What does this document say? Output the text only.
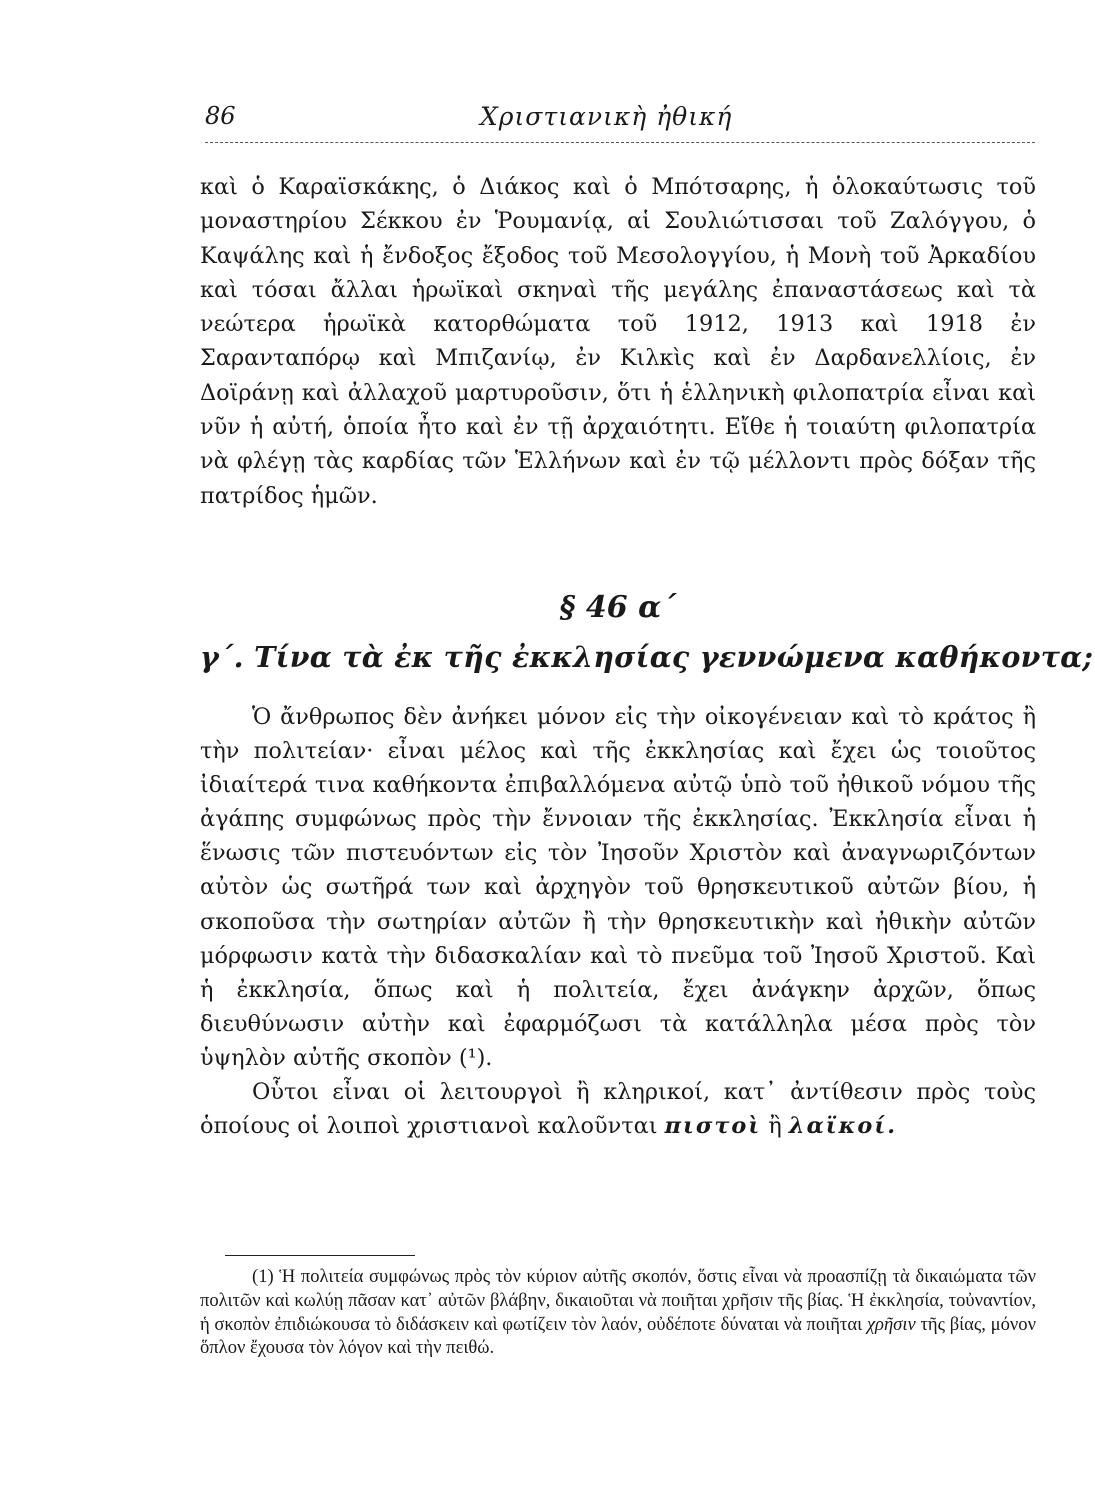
86	Χριστιανικὴ ἠθική

καὶ ὁ Καραϊσκάκης, ὁ Διάκος καὶ ὁ Μπότσαρης, ἡ ὁλοκαύτωσις τοῦ μοναστηρίου Σέκκου ἐν Ῥουμανίᾳ, αἱ Σουλιώτισσαι τοῦ Ζαλόγγου, ὁ Καψάλης καὶ ἡ ἔνδοξος ἔξοδος τοῦ Μεσολογγίου, ἡ Μονὴ τοῦ Ἀρκαδίου καὶ τόσαι ἄλλαι ἡρωϊκαὶ σκηναὶ τῆς μεγάλης ἐπαναστάσεως καὶ τὰ νεώτερα ἡρωϊκὰ κατορθώματα τοῦ 1912, 1913 καὶ 1918 ἐν Σαρανταπόρῳ καὶ Μπιζανίῳ, ἐν Κιλκὶς καὶ ἐν Δαρδανελλίοις, ἐν Δοϊράνῃ καὶ ἀλλαχοῦ μαρτυροῦσιν, ὅτι ἡ ἑλληνικὴ φιλοπατρία εἶναι καὶ νῦν ἡ αὐτή, ὁποία ἦτο καὶ ἐν τῇ ἀρχαιότητι. Εἴθε ἡ τοιαύτη φιλοπατρία νὰ φλέγῃ τὰς καρδίας τῶν Ἑλλήνων καὶ ἐν τῷ μέλλοντι πρὸς δόξαν τῆς πατρίδος ἡμῶν.

§ 46 α΄
γ΄. Τίνα τὰ ἐκ τῆς ἐκκλησίας γεννώμενα καθήκοντα;

Ὁ ἄνθρωπος δὲν ἀνήκει μόνον εἰς τὴν οἰκογένειαν καὶ τὸ κράτος ἢ τὴν πολιτείαν· εἶναι μέλος καὶ τῆς ἐκκλησίας καὶ ἔχει ὡς τοιοῦτος ἰδιαίτερά τινα καθήκοντα ἐπιβαλλόμενα αὐτῷ ὑπὸ τοῦ ἠθικοῦ νόμου τῆς ἀγάπης συμφώνως πρὸς τὴν ἔννοιαν τῆς ἐκκλησίας. Ἐκκλησία εἶναι ἡ ἕνωσις τῶν πιστευόντων εἰς τὸν Ἰησοῦν Χριστὸν καὶ ἀναγνωριζόντων αὐτὸν ὡς σωτῆρά των καὶ ἀρχηγὸν τοῦ θρησκευτικοῦ αὐτῶν βίου, ἡ σκοποῦσα τὴν σωτηρίαν αὐτῶν ἢ τὴν θρησκευτικὴν καὶ ἠθικὴν αὐτῶν μόρφωσιν κατὰ τὴν διδασκαλίαν καὶ τὸ πνεῦμα τοῦ Ἰησοῦ Χριστοῦ. Καὶ ἡ ἐκκλησία, ὅπως καὶ ἡ πολιτεία, ἔχει ἀνάγκην ἀρχῶν, ὅπως διευθύνωσιν αὐτὴν καὶ ἐφαρμόζωσι τὰ κατάλληλα μέσα πρὸς τὸν ὑψηλὸν αὐτῆς σκοπὸν (¹).

Οὗτοι εἶναι οἱ λειτουργοὶ ἢ κληρικοί, κατ᾿ ἀντίθεσιν πρὸς τοὺς ὁποίους οἱ λοιποὶ χριστιανοὶ καλοῦνται πιστοὶ ἢ λαϊκοί.

(1) Ἡ πολιτεία συμφώνως πρὸς τὸν κύριον αὐτῆς σκοπόν, ὅστις εἶναι νὰ προασπίζῃ τὰ δικαιώματα τῶν πολιτῶν καὶ κωλύῃ πᾶσαν κατ᾿ αὐτῶν βλάβην, δικαιοῦται νὰ ποιῆται χρῆσιν τῆς βίας. Ἡ ἐκκλησία, τοὐναντίον, ἡ σκοπὸν ἐπιδιώκουσα τὸ διδάσκειν καὶ φωτίζειν τὸν λαόν, οὐδέποτε δύναται νὰ ποιῆται χρῆσιν τῆς βίας, μόνον ὅπλον ἔχουσα τὸν λόγον καὶ τὴν πειθώ.
